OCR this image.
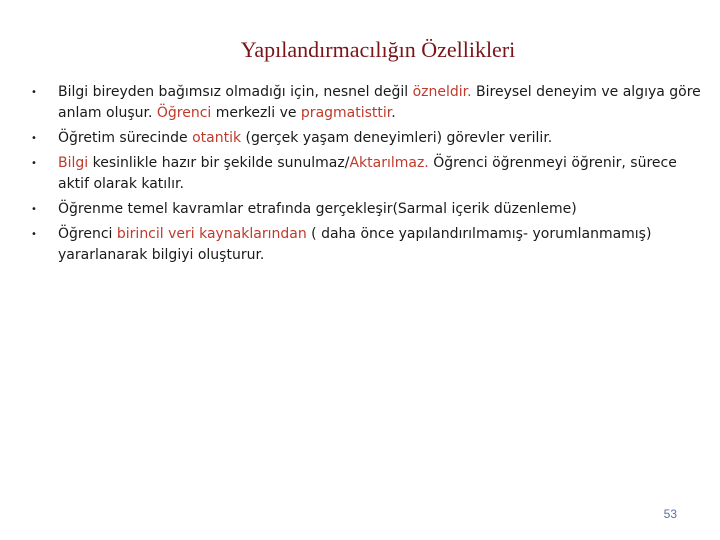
Yapılandırmacılığın Özellikleri
• Bilgi bireyden bağımsız olmadığı için, nesnel değil özneldir. Bireysel deneyim ve algıya göre anlam oluşur. Öğrenci merkezli ve pragmatisttir.
• Öğretim sürecinde otantik (gerçek yaşam deneyimleri) görevler verilir.
• Bilgi kesinlikle hazır bir şekilde sunulmaz/Aktarılmaz. Öğrenci öğrenmeyi öğrenir, sürece aktif olarak katılır.
• Öğrenme temel kavramlar etrafında gerçekleşir(Sarmal içerik düzenleme)
• Öğrenci birincil veri kaynaklarından ( daha önce yapılandırılmamış- yorumlanmamış) yararlanarak bilgiyi oluşturur.
53
